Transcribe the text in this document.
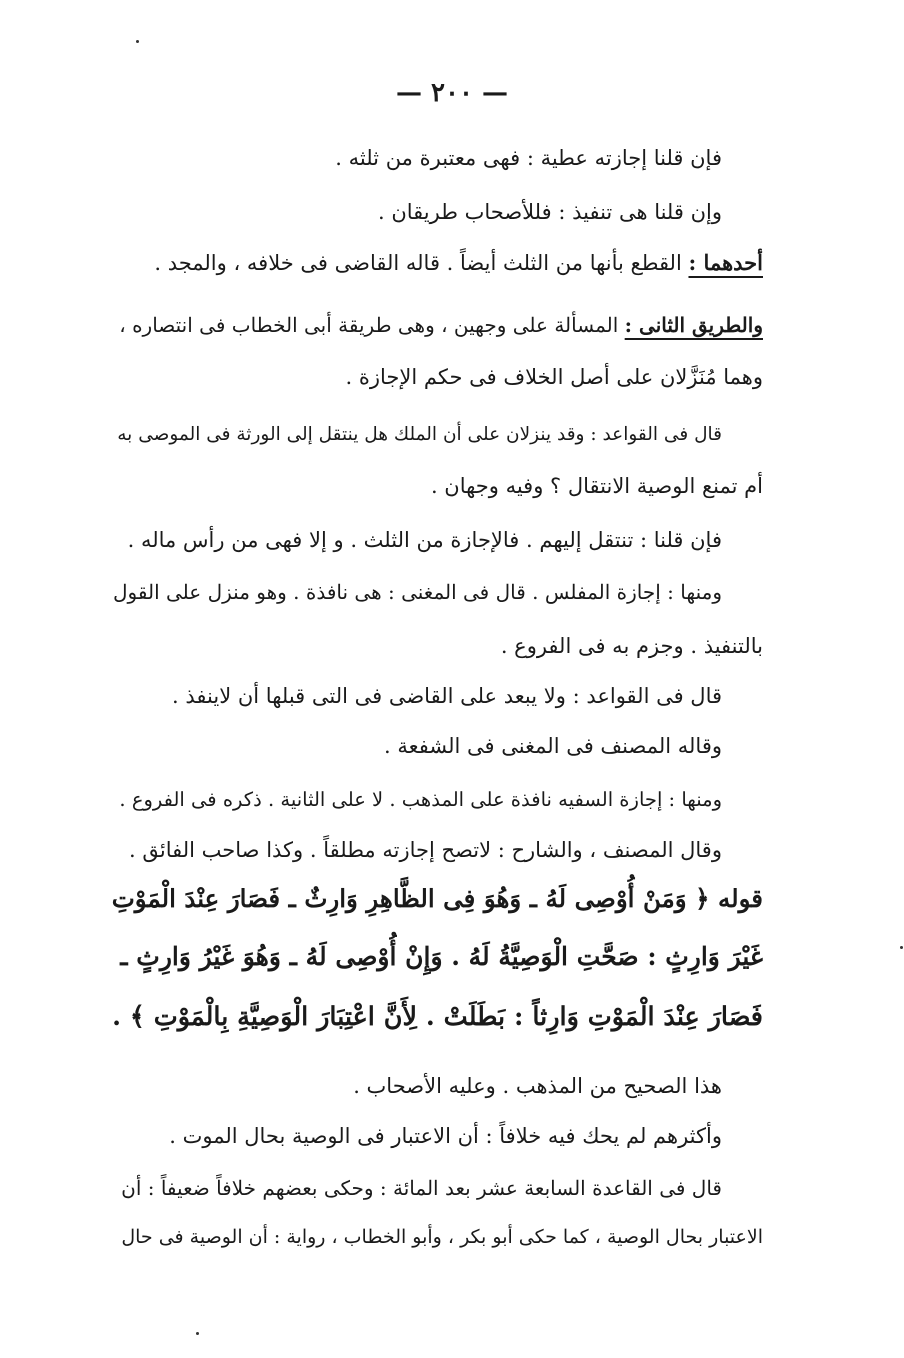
— ٢٠٠ —
فإن قلنا إجازته عطية : فهى معتبرة من ثلثه .
وإن قلنا هى تنفيذ : فللأصحاب طريقان .
أحدهما : القطع بأنها من الثلث أيضاً . قاله القاضى فى خلافه ، والمجد .
والطريق الثانى : المسألة على وجهين ، وهى طريقة أبى الخطاب فى انتصاره ،
وهما مُنَزَّلان على أصل الخلاف فى حكم الإجازة .
قال فى القواعد : وقد ينزلان على أن الملك هل ينتقل إلى الورثة فى الموصى به
أم تمنع الوصية الانتقال ؟ وفيه وجهان .
فإن قلنا : تنتقل إليهم . فالإجازة من الثلث . و إلا فهى من رأس ماله .
ومنها : إجازة المفلس . قال فى المغنى : هى نافذة . وهو منزل على القول
بالتنفيذ . وجزم به فى الفروع .
قال فى القواعد : ولا يبعد على القاضى فى التى قبلها أن لاينفذ .
وقاله المصنف فى المغنى فى الشفعة .
ومنها : إجازة السفيه نافذة على المذهب . لا على الثانية . ذكره فى الفروع .
وقال المصنف ، والشارح : لاتصح إجازته مطلقاً . وكذا صاحب الفائق .
قوله ﴿ وَمَنْ أُوْصِى لَهُ ـ وَهُوَ فِى الظَّاهِرِ وَارِثٌ ـ فَصَارَ عِنْدَ الْمَوْتِ
غَيْرَ وَارِثٍ : صَحَّتِ الْوَصِيَّةُ لَهُ . وَإِنْ أُوْصِى لَهُ ـ وَهُوَ غَيْرُ وَارِثٍ ـ
فَصَارَ عِنْدَ الْمَوْتِ وَارِثاً : بَطَلَتْ . لِأَنَّ اعْتِبَارَ الْوَصِيَّةِ بِالْمَوْتِ ﴾ .
هذا الصحيح من المذهب . وعليه الأصحاب .
وأكثرهم لم يحك فيه خلافاً : أن الاعتبار فى الوصية بحال الموت .
قال فى القاعدة السابعة عشر بعد المائة : وحكى بعضهم خلافاً ضعيفاً : أن
الاعتبار بحال الوصية ، كما حكى أبو بكر ، وأبو الخطاب ، رواية : أن الوصية فى حال
